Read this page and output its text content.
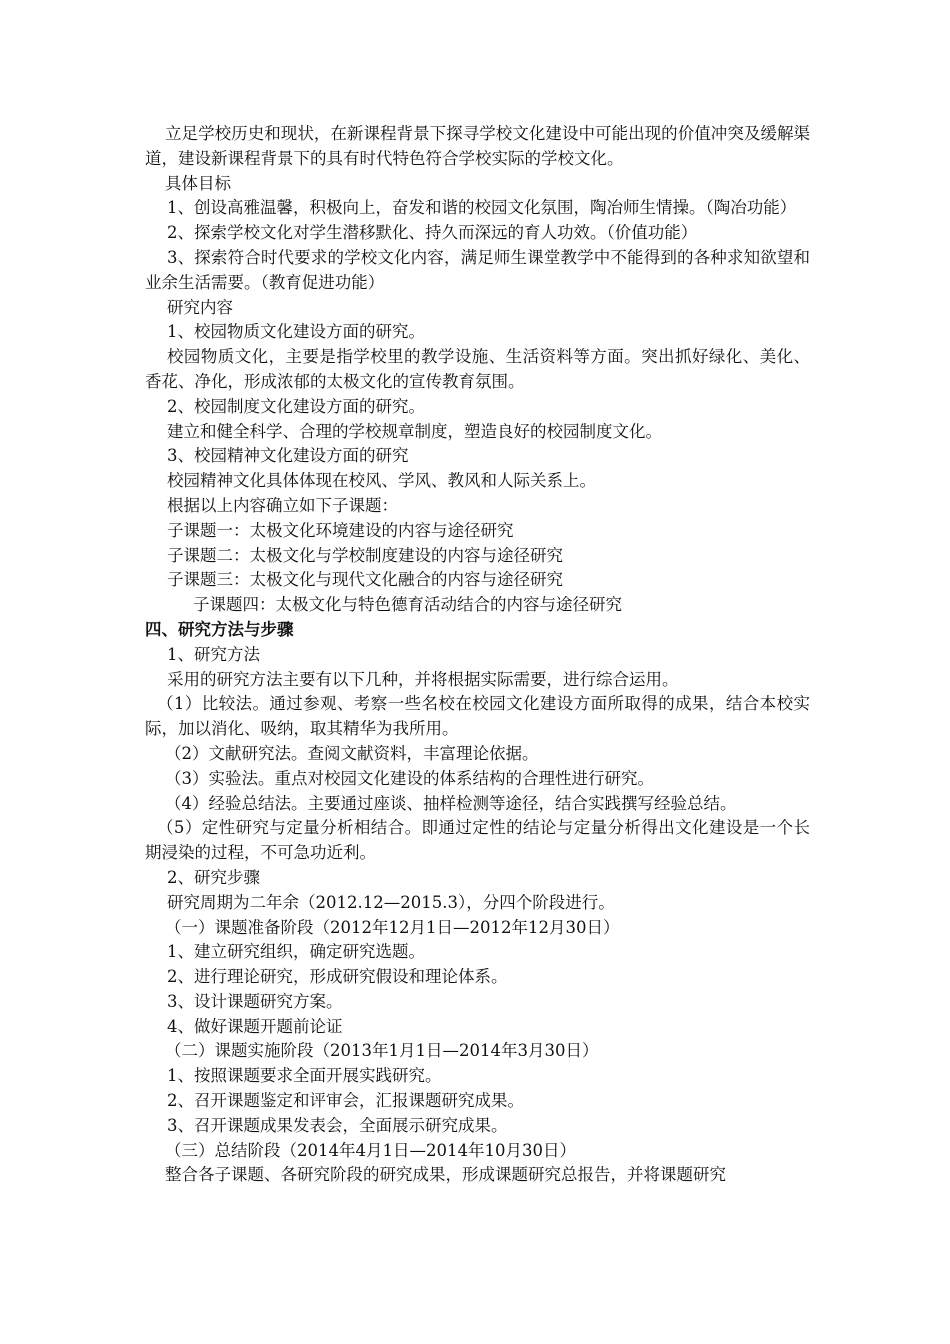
立足学校历史和现状，在新课程背景下探寻学校文化建设中可能出现的价值冲突及缓解渠道，建设新课程背景下的具有时代特色符合学校实际的学校文化。

具体目标

1、创设高雅温馨，积极向上，奋发和谐的校园文化氛围，陶冶师生情操。（陶冶功能）

2、探索学校文化对学生潜移默化、持久而深远的育人功效。（价值功能）

3、探索符合时代要求的学校文化内容，满足师生课堂教学中不能得到的各种求知欲望和业余生活需要。（教育促进功能）

研究内容

1、校园物质文化建设方面的研究。

校园物质文化，主要是指学校里的教学设施、生活资料等方面。突出抓好绿化、美化、香花、净化，形成浓郁的太极文化的宣传教育氛围。

2、校园制度文化建设方面的研究。

建立和健全科学、合理的学校规章制度，塑造良好的校园制度文化。

3、校园精神文化建设方面的研究

校园精神文化具体体现在校风、学风、教风和人际关系上。

根据以上内容确立如下子课题：

子课题一：太极文化环境建设的内容与途径研究

子课题二：太极文化与学校制度建设的内容与途径研究

子课题三：太极文化与现代文化融合的内容与途径研究

子课题四：太极文化与特色德育活动结合的内容与途径研究

四、研究方法与步骤

1、研究方法

采用的研究方法主要有以下几种，并将根据实际需要，进行综合运用。

（1）比较法。通过参观、考察一些名校在校园文化建设方面所取得的成果，结合本校实际，加以消化、吸纳，取其精华为我所用。

（2）文献研究法。查阅文献资料，丰富理论依据。

（3）实验法。重点对校园文化建设的体系结构的合理性进行研究。

（4）经验总结法。主要通过座谈、抽样检测等途径，结合实践撰写经验总结。

（5）定性研究与定量分析相结合。即通过定性的结论与定量分析得出文化建设是一个长期浸染的过程，不可急功近利。

2、研究步骤

研究周期为二年余（2012.12—2015.3），分四个阶段进行。

（一）课题准备阶段（2012年12月1日—2012年12月30日）

1、建立研究组织，确定研究选题。

2、进行理论研究，形成研究假设和理论体系。

3、设计课题研究方案。

4、做好课题开题前论证

（二）课题实施阶段（2013年1月1日—2014年3月30日）

1、按照课题要求全面开展实践研究。

2、召开课题鉴定和评审会，汇报课题研究成果。

3、召开课题成果发表会，全面展示研究成果。

（三）总结阶段（2014年4月1日—2014年10月30日）

整合各子课题、各研究阶段的研究成果，形成课题研究总报告，并将课题研究
